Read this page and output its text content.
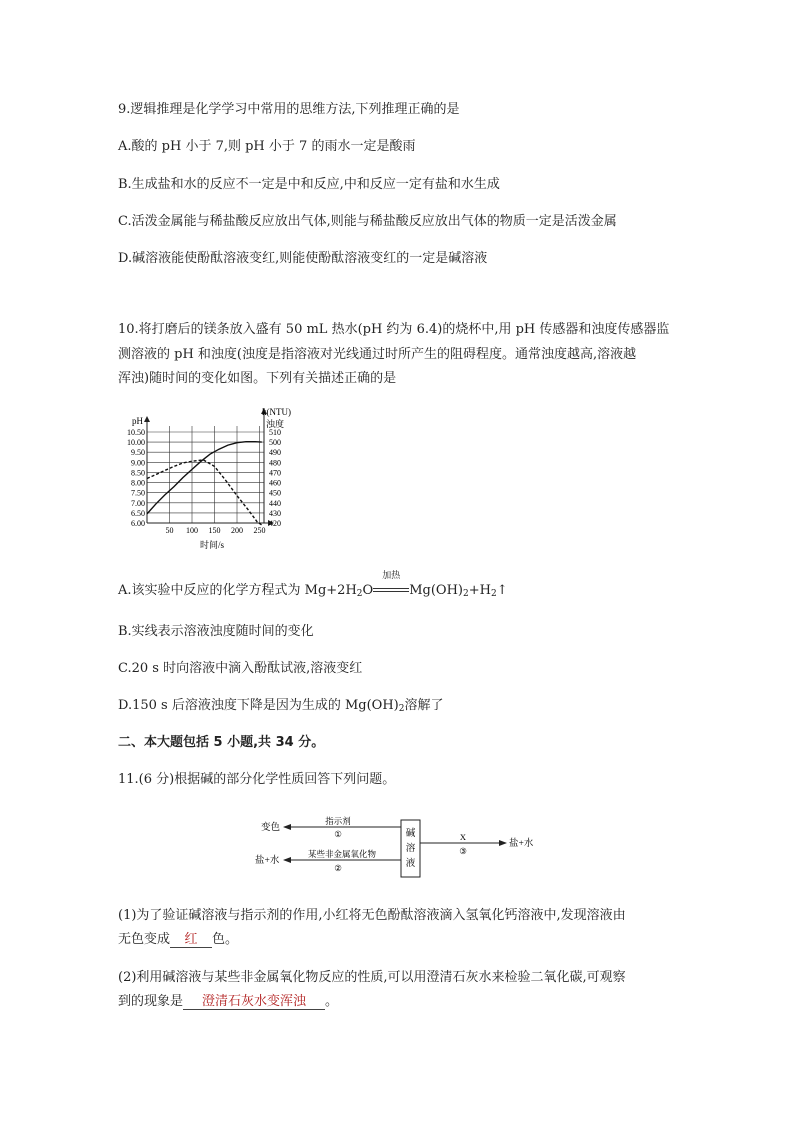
9.逻辑推理是化学学习中常用的思维方法,下列推理正确的是
A.酸的 pH 小于 7,则 pH 小于 7 的雨水一定是酸雨
B.生成盐和水的反应不一定是中和反应,中和反应一定有盐和水生成
C.活泼金属能与稀盐酸反应放出气体,则能与稀盐酸反应放出气体的物质一定是活泼金属
D.碱溶液能使酚酞溶液变红,则能使酚酞溶液变红的一定是碱溶液
10.将打磨后的镁条放入盛有 50 mL 热水(pH 约为 6.4)的烧杯中,用 pH 传感器和浊度传感器监
测溶液的 pH 和浊度(浊度是指溶液对光线通过时所产生的阻碍程度。通常浊度越高,溶液越
浑浊)随时间的变化如图。下列有关描述正确的是
6.00	420
6.50	430
7.00	440
7.50	450
8.00	460
8.50	470
9.00	480
9.50	490
10.00	500
10.50	510
50 100 150 200 250
pH
k(NTU)
浊度
时间/s
A.该实验中反应的化学方程式为 $Mg+2H_2O$
加热
$Mg(OH)_2+H_2↑$
B.实线表示溶液浊度随时间的变化
C.20 s 时向溶液中滴入酚酞试液,溶液变红
D.150 s 后溶液浊度下降是因为生成的 $Mg(OH)_2$溶解了
二、本大题包括 5 小题,共 34 分。
11.(6 分)根据碱的部分化学性质回答下列问题。
碱
溶
液
指示剂
①
变色
某些非金属氧化物
②
盐+水
X
③
盐+水
(1)为了验证碱溶液与指示剂的作用,小红将无色酚酞溶液滴入氢氧化钙溶液中,发现溶液由
无色变成 红 色。
(2)利用碱溶液与某些非金属氧化物反应的性质,可以用澄清石灰水来检验二氧化碳,可观察
到的现象是 澄清石灰水变浑浊 。
